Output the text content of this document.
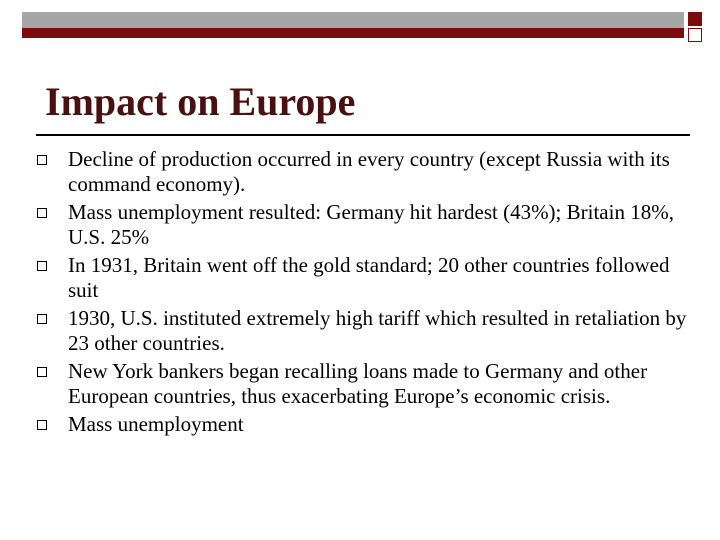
Impact on Europe
Decline of production occurred in every country (except Russia with its command economy).
Mass unemployment resulted: Germany hit hardest (43%); Britain 18%, U.S. 25%
In 1931, Britain went off the gold standard; 20 other countries followed suit
1930, U.S. instituted extremely high tariff which resulted in retaliation by 23 other countries.
New York bankers began recalling loans made to Germany and other European countries, thus exacerbating Europe’s economic crisis.
Mass unemployment
